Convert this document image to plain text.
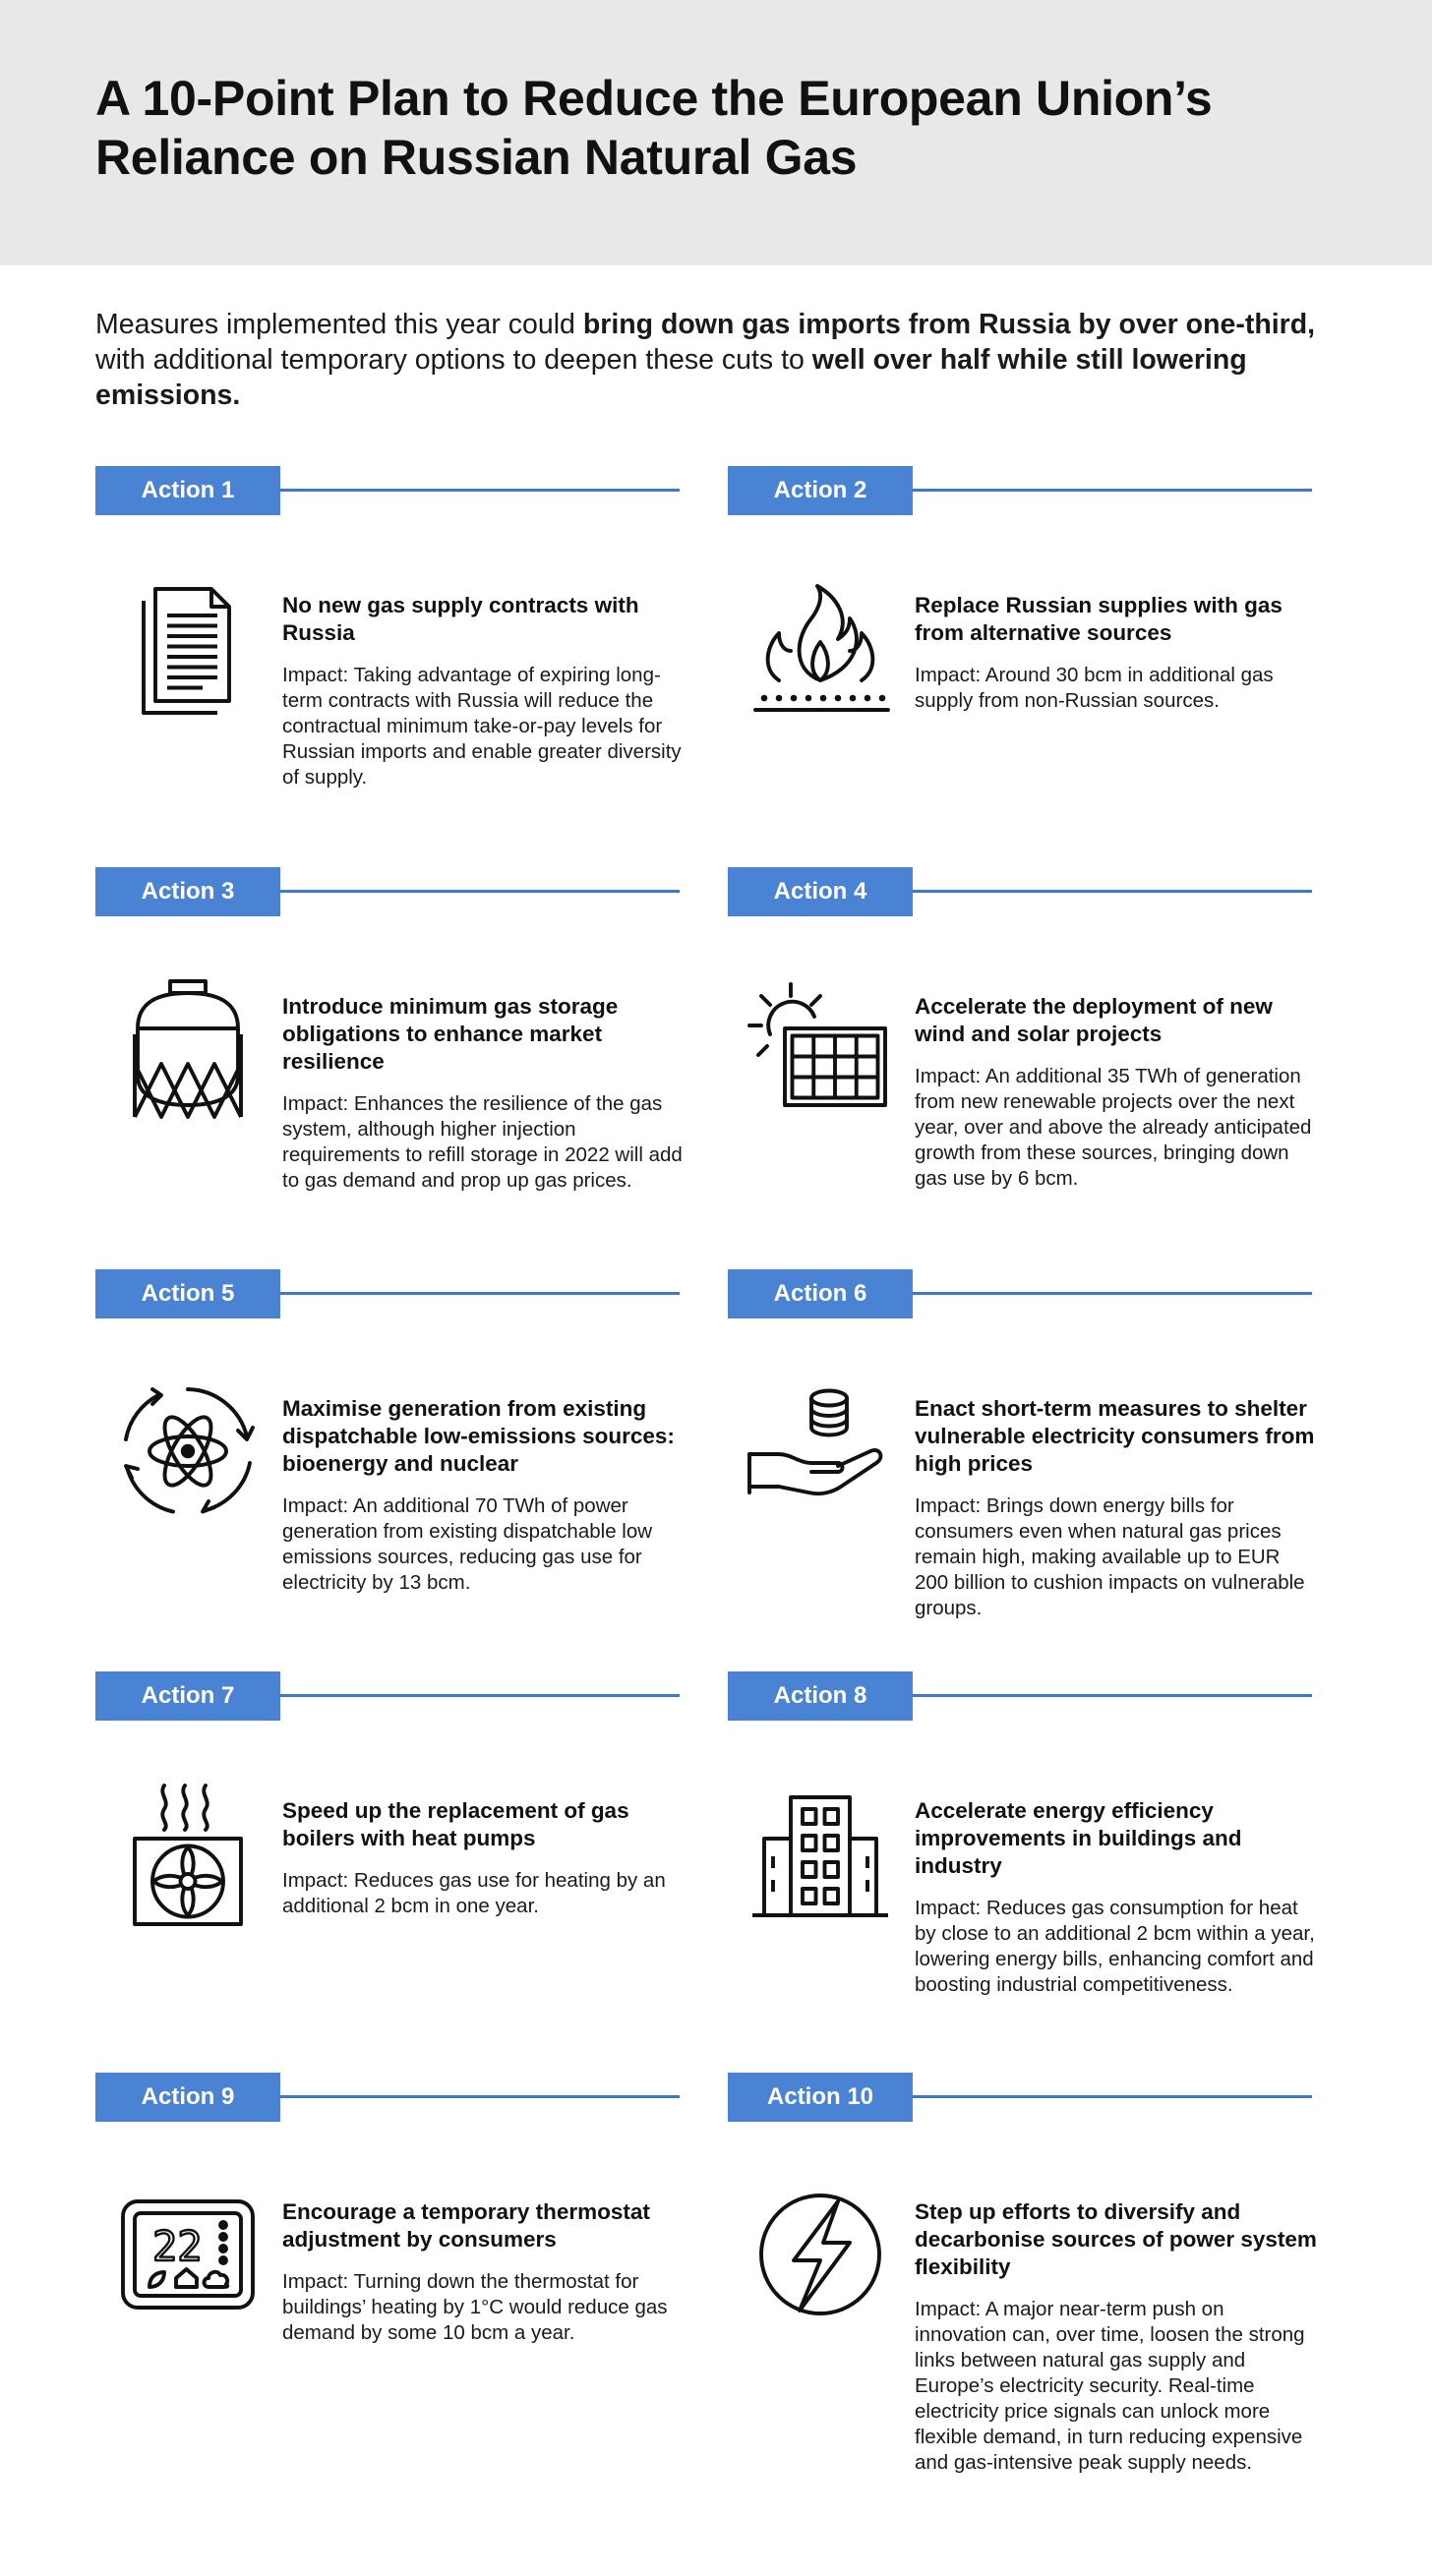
A 10-Point Plan to Reduce the European Union’s Reliance on Russian Natural Gas

Measures implemented this year could bring down gas imports from Russia by over one-third, with additional temporary options to deepen these cuts to well over half while still lowering emissions.

Action 1

No new gas supply contracts with Russia

Impact: Taking advantage of expiring long-term contracts with Russia will reduce the contractual minimum take-or-pay levels for Russian imports and enable greater diversity of supply.

Action 2

Replace Russian supplies with gas from alternative sources

Impact: Around 30 bcm in additional gas supply from non-Russian sources.

Action 3

Introduce minimum gas storage obligations to enhance market resilience

Impact: Enhances the resilience of the gas system, although higher injection requirements to refill storage in 2022 will add to gas demand and prop up gas prices.

Action 4

Accelerate the deployment of new wind and solar projects

Impact: An additional 35 TWh of generation from new renewable projects over the next year, over and above the already anticipated growth from these sources, bringing down gas use by 6 bcm.

Action 5

Maximise generation from existing dispatchable low-emissions sources: bioenergy and nuclear

Impact: An additional 70 TWh of power generation from existing dispatchable low emissions sources, reducing gas use for electricity by 13 bcm.

Action 6

Enact short-term measures to shelter vulnerable electricity consumers from high prices

Impact: Brings down energy bills for consumers even when natural gas prices remain high, making available up to EUR 200 billion to cushion impacts on vulnerable groups.

Action 7

Speed up the replacement of gas boilers with heat pumps

Impact: Reduces gas use for heating by an additional 2 bcm in one year.

Action 8

Accelerate energy efficiency improvements in buildings and industry

Impact: Reduces gas consumption for heat by close to an additional 2 bcm within a year, lowering energy bills, enhancing comfort and boosting industrial competitiveness.

Action 9
22

Encourage a temporary thermostat adjustment by consumers

Impact: Turning down the thermostat for buildings’ heating by 1°C would reduce gas demand by some 10 bcm a year.

Action 10

Step up efforts to diversify and decarbonise sources of power system flexibility

Impact: A major near-term push on innovation can, over time, loosen the strong links between natural gas supply and Europe’s electricity security. Real-time electricity price signals can unlock more flexible demand, in turn reducing expensive and gas-intensive peak supply needs.
